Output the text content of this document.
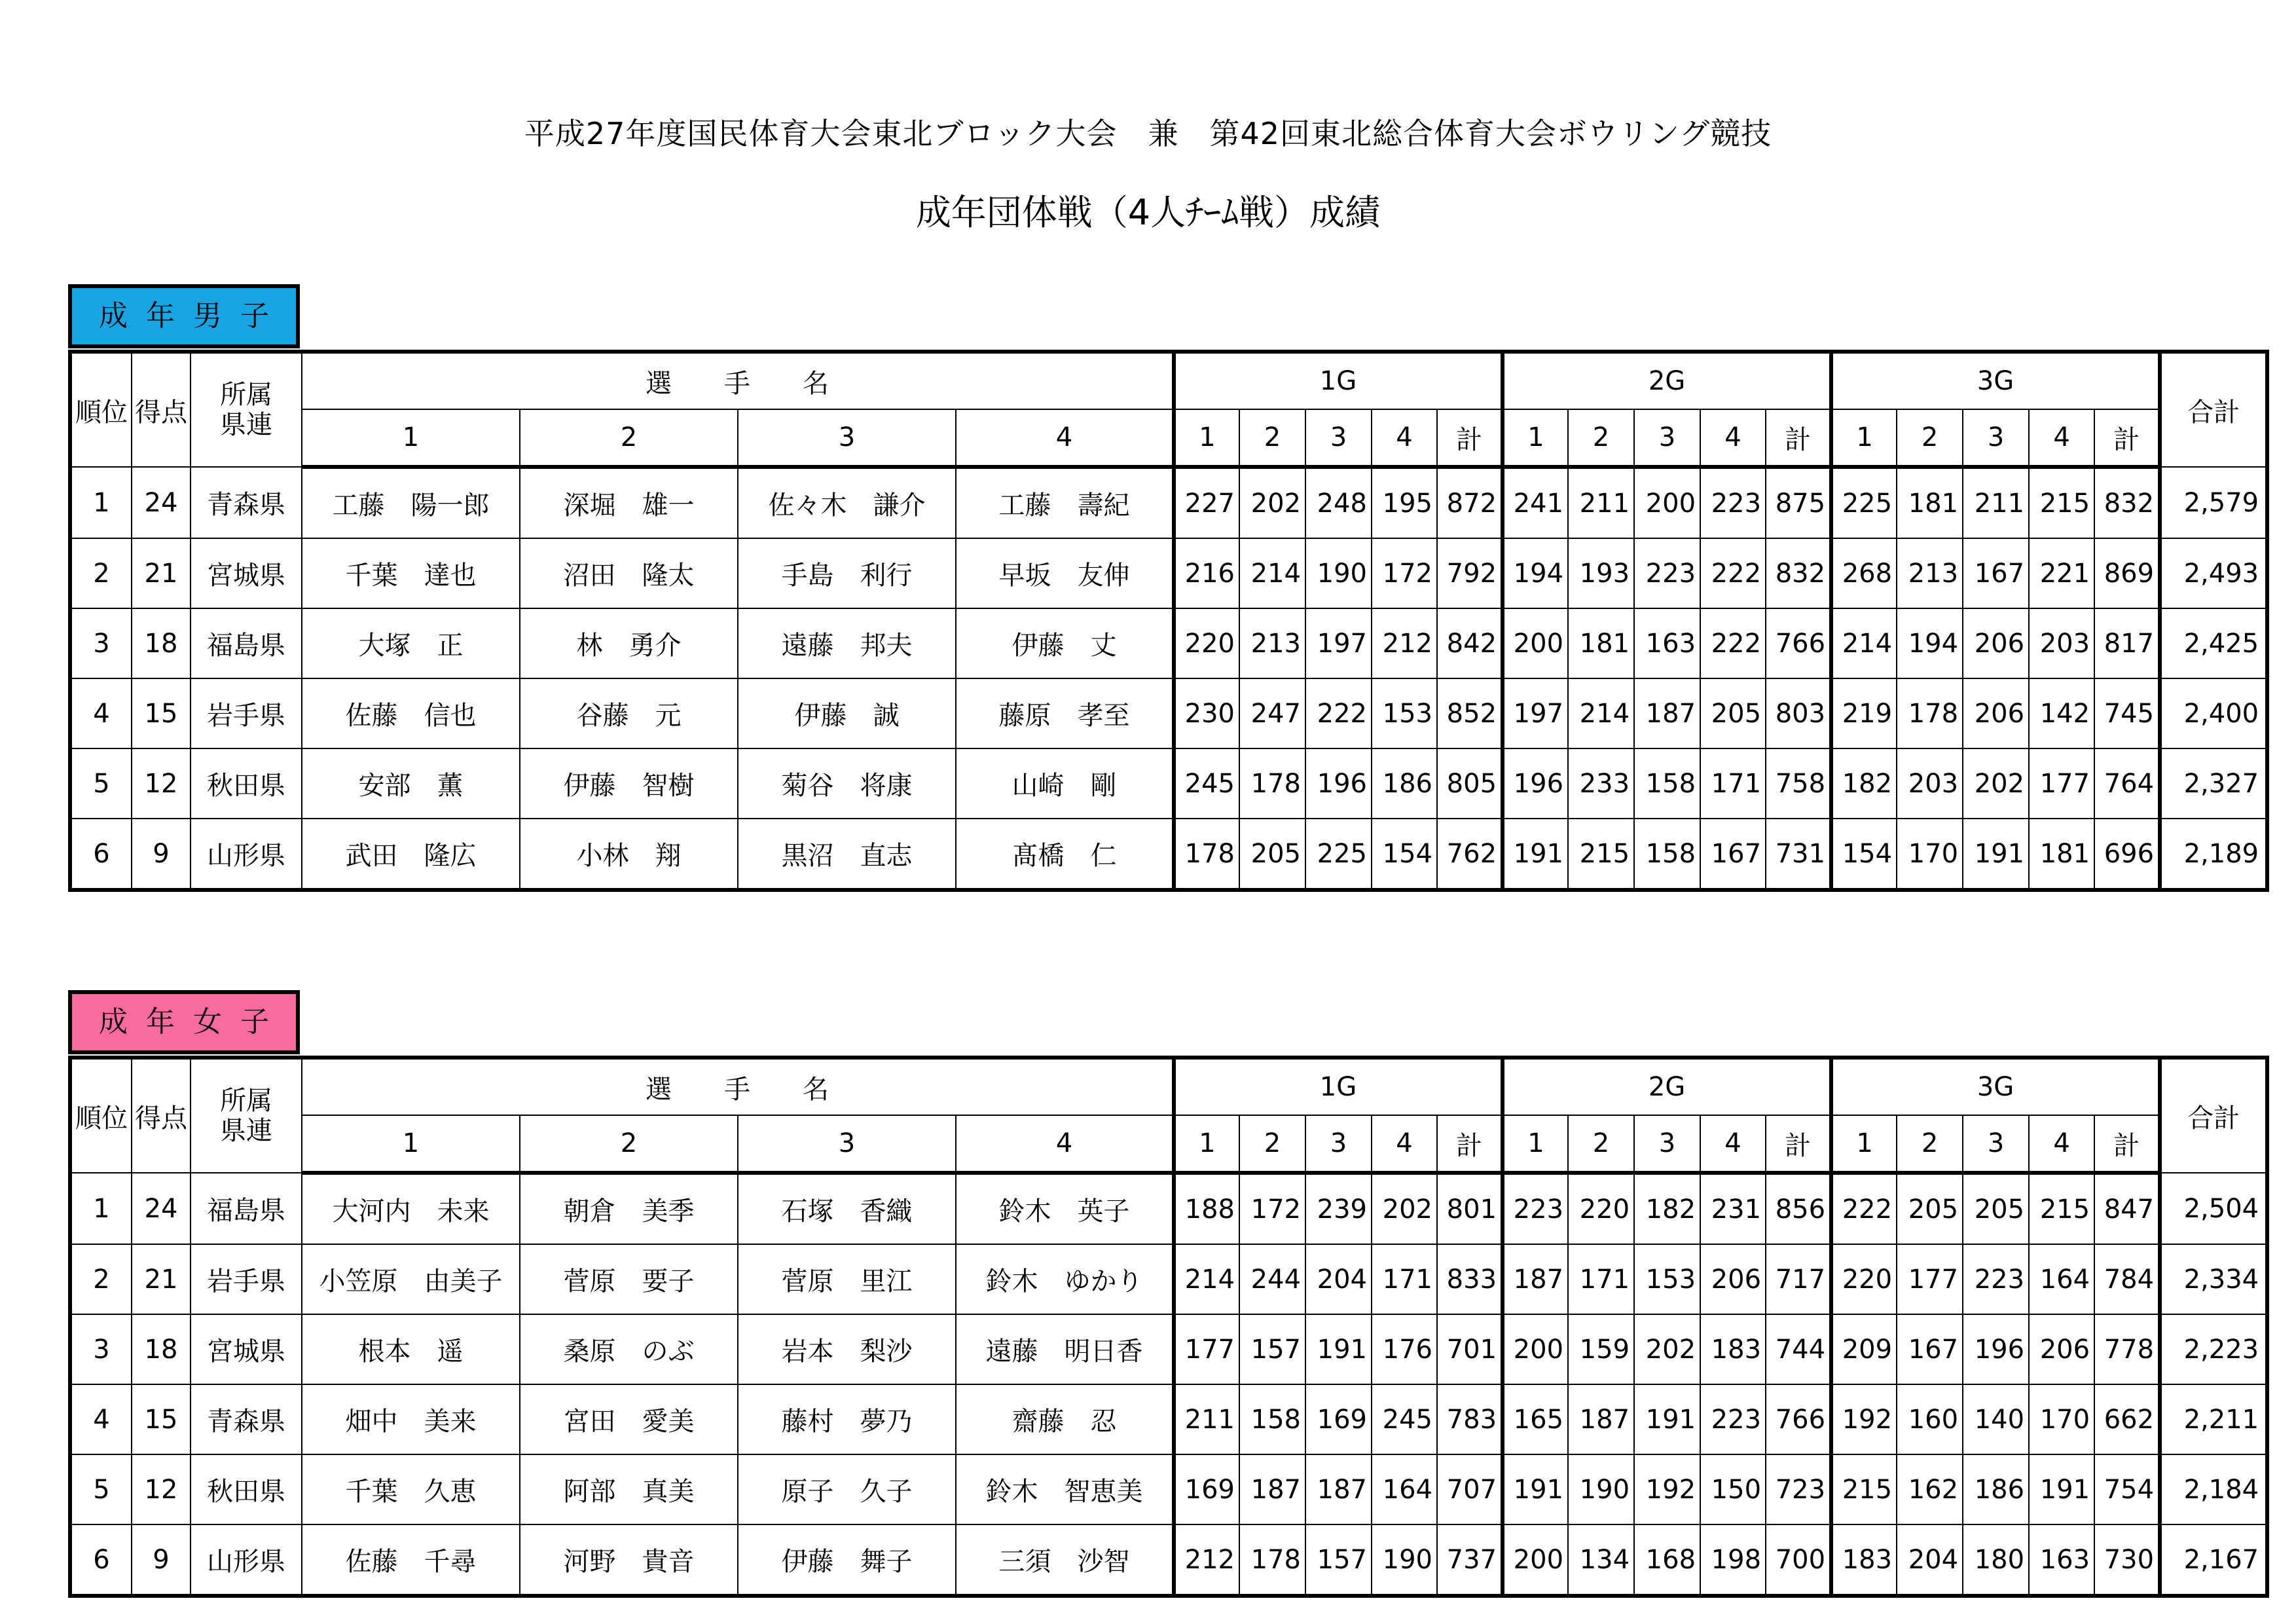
平成27年度国民体育大会東北ブロック大会　兼　第42回東北総合体育大会ボウリング競技
成年団体戦（4人ﾁｰﾑ戦）成績
成年男子
順位	得点	所属
県連	選　　手　　名				1G					2G					3G					合計
			1	2	3	4	1	2	3	4	計	1	2	3	4	計	1	2	3	4	計	
1	24	青森県	工藤 陽一郎	深堀 雄一	佐々木 謙介	工藤 壽紀	227	202	248	195	872	241	211	200	223	875	225	181	211	215	832	2,579
2	21	宮城県	千葉 達也	沼田 隆太	手島 利行	早坂 友伸	216	214	190	172	792	194	193	223	222	832	268	213	167	221	869	2,493
3	18	福島県	大塚 正	林 勇介	遠藤 邦夫	伊藤 丈	220	213	197	212	842	200	181	163	222	766	214	194	206	203	817	2,425
4	15	岩手県	佐藤 信也	谷藤 元	伊藤 誠	藤原 孝至	230	247	222	153	852	197	214	187	205	803	219	178	206	142	745	2,400
5	12	秋田県	安部 薫	伊藤 智樹	菊谷 将康	山崎 剛	245	178	196	186	805	196	233	158	171	758	182	203	202	177	764	2,327
6	9	山形県	武田 隆広	小林 翔	黒沼 直志	髙橋 仁	178	205	225	154	762	191	215	158	167	731	154	170	191	181	696	2,189
成年女子
順位	得点	所属
県連	選　　手　　名				1G					2G					3G					合計
			1	2	3	4	1	2	3	4	計	1	2	3	4	計	1	2	3	4	計	
1	24	福島県	大河内 未来	朝倉 美季	石塚 香織	鈴木 英子	188	172	239	202	801	223	220	182	231	856	222	205	205	215	847	2,504
2	21	岩手県	小笠原 由美子	菅原 要子	菅原 里江	鈴木 ゆかり	214	244	204	171	833	187	171	153	206	717	220	177	223	164	784	2,334
3	18	宮城県	根本 遥	桑原 のぶ	岩本 梨沙	遠藤 明日香	177	157	191	176	701	200	159	202	183	744	209	167	196	206	778	2,223
4	15	青森県	畑中 美来	宮田 愛美	藤村 夢乃	齋藤 忍	211	158	169	245	783	165	187	191	223	766	192	160	140	170	662	2,211
5	12	秋田県	千葉 久恵	阿部 真美	原子 久子	鈴木 智恵美	169	187	187	164	707	191	190	192	150	723	215	162	186	191	754	2,184
6	9	山形県	佐藤 千尋	河野 貴音	伊藤 舞子	三須 沙智	212	178	157	190	737	200	134	168	198	700	183	204	180	163	730	2,167
